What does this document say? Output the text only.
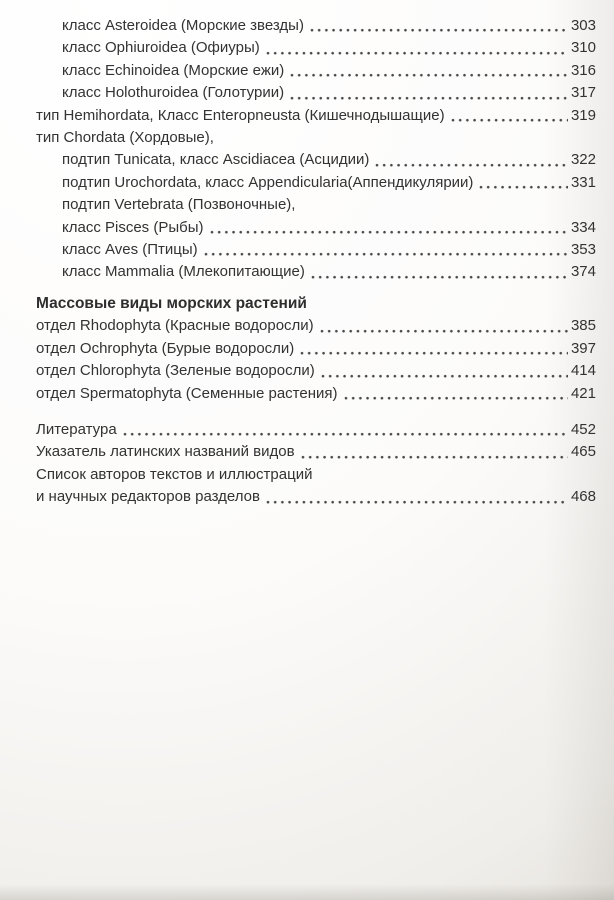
класс Asteroidea (Морские звезды)	303
класс Ophiuroidea (Офиуры)	310
класс Echinoidea (Морские ежи)	316
класс Holothuroidea (Голотурии)	317
тип Hemihordata, Класс Enteropneusta (Кишечнодышащие)	319
тип Chordata (Хордовые),
подтип Tunicata, класс Ascidiacea (Асцидии)	322
подтип Urochordata, класс Appendicularia(Аппендикулярии)	331
подтип Vertebrata (Позвоночные),
класс Pisces (Рыбы)	334
класс Aves (Птицы)	353
класс Mammalia (Млекопитающие)	374
Массовые виды морских растений
отдел Rhodophyta (Красные водоросли)	385
отдел Ochrophyta (Бурые водоросли)	397
отдел Chlorophyta (Зеленые водоросли)	414
отдел Spermatophyta (Семенные растения)	421
Литература	452
Указатель латинских названий видов	465
Список авторов текстов и иллюстраций
и научных редакторов разделов	468
